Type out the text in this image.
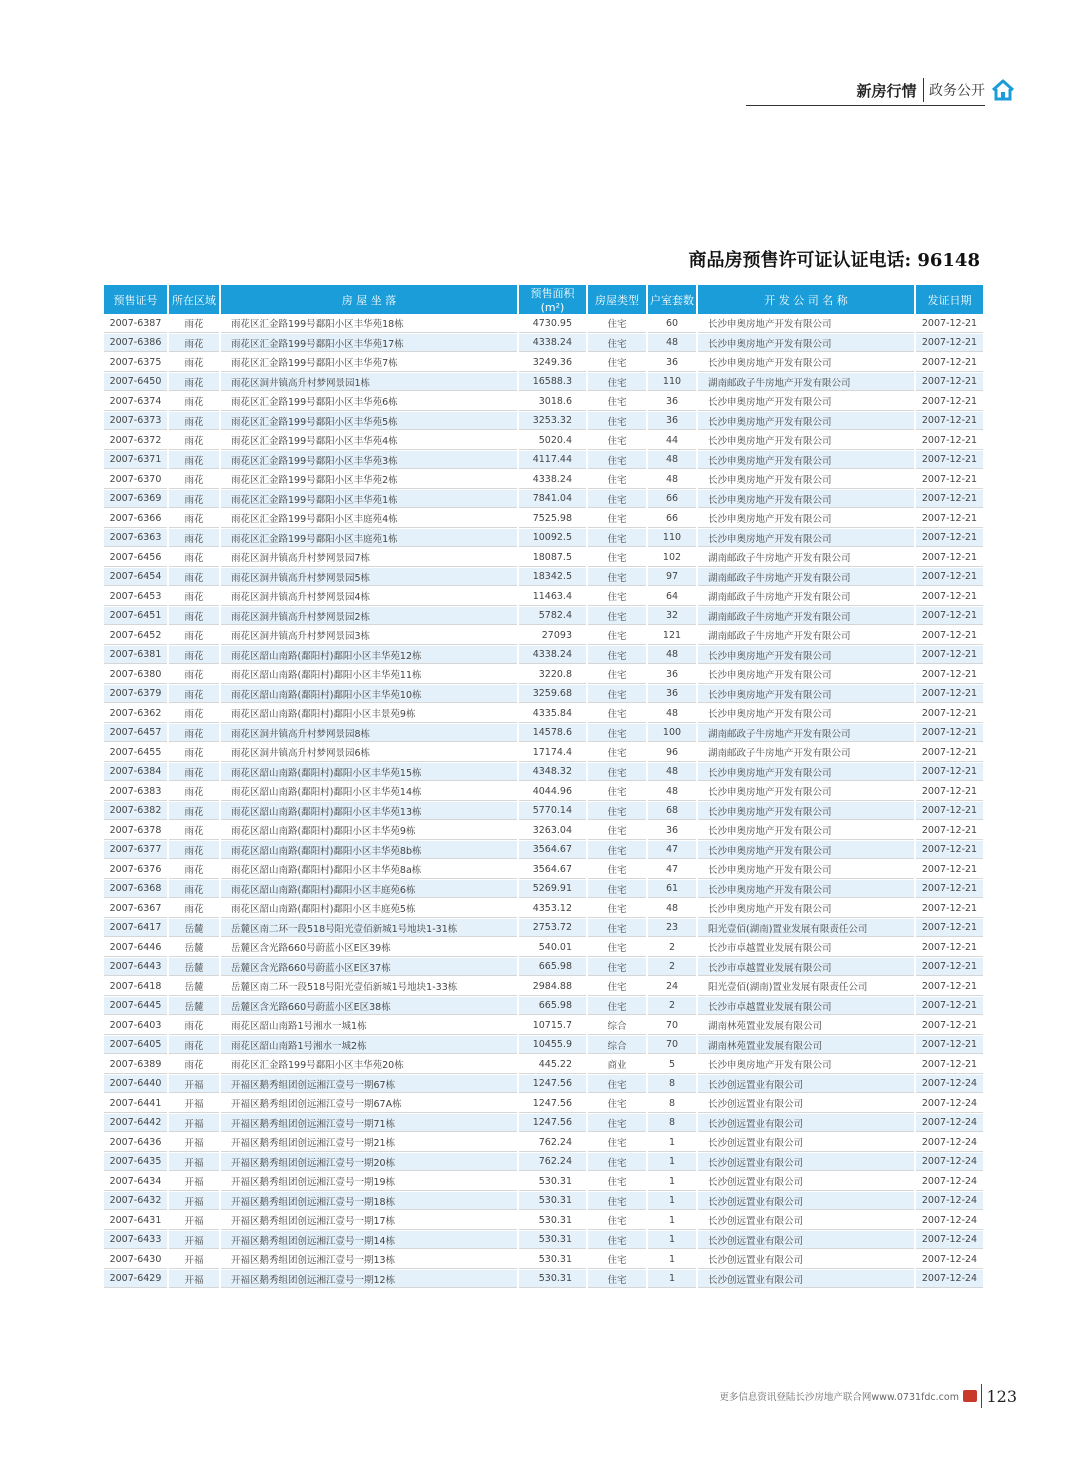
新房行情 政务公开
商品房预售许可证认证电话: 96148
预售证号	所在区域	房 屋 坐 落	预售面积(m²)	房屋类型	户室套数	开 发 公 司 名 称	发证日期
2007-6387	雨花	雨花区汇金路199号鄱阳小区丰华苑18栋	4730.95	住宅	60	长沙申奥房地产开发有限公司	2007-12-21
2007-6386	雨花	雨花区汇金路199号鄱阳小区丰华苑17栋	4338.24	住宅	48	长沙申奥房地产开发有限公司	2007-12-21
2007-6375	雨花	雨花区汇金路199号鄱阳小区丰华苑7栋	3249.36	住宅	36	长沙申奥房地产开发有限公司	2007-12-21
2007-6450	雨花	雨花区洞井镇高升村梦网景园1栋	16588.3	住宅	110	湖南邮政子牛房地产开发有限公司	2007-12-21
2007-6374	雨花	雨花区汇金路199号鄱阳小区丰华苑6栋	3018.6	住宅	36	长沙申奥房地产开发有限公司	2007-12-21
2007-6373	雨花	雨花区汇金路199号鄱阳小区丰华苑5栋	3253.32	住宅	36	长沙申奥房地产开发有限公司	2007-12-21
2007-6372	雨花	雨花区汇金路199号鄱阳小区丰华苑4栋	5020.4	住宅	44	长沙申奥房地产开发有限公司	2007-12-21
2007-6371	雨花	雨花区汇金路199号鄱阳小区丰华苑3栋	4117.44	住宅	48	长沙申奥房地产开发有限公司	2007-12-21
2007-6370	雨花	雨花区汇金路199号鄱阳小区丰华苑2栋	4338.24	住宅	48	长沙申奥房地产开发有限公司	2007-12-21
2007-6369	雨花	雨花区汇金路199号鄱阳小区丰华苑1栋	7841.04	住宅	66	长沙申奥房地产开发有限公司	2007-12-21
2007-6366	雨花	雨花区汇金路199号鄱阳小区丰庭苑4栋	7525.98	住宅	66	长沙申奥房地产开发有限公司	2007-12-21
2007-6363	雨花	雨花区汇金路199号鄱阳小区丰庭苑1栋	10092.5	住宅	110	长沙申奥房地产开发有限公司	2007-12-21
2007-6456	雨花	雨花区洞井镇高升村梦网景园7栋	18087.5	住宅	102	湖南邮政子牛房地产开发有限公司	2007-12-21
2007-6454	雨花	雨花区洞井镇高升村梦网景园5栋	18342.5	住宅	97	湖南邮政子牛房地产开发有限公司	2007-12-21
2007-6453	雨花	雨花区洞井镇高升村梦网景园4栋	11463.4	住宅	64	湖南邮政子牛房地产开发有限公司	2007-12-21
2007-6451	雨花	雨花区洞井镇高升村梦网景园2栋	5782.4	住宅	32	湖南邮政子牛房地产开发有限公司	2007-12-21
2007-6452	雨花	雨花区洞井镇高升村梦网景园3栋	27093	住宅	121	湖南邮政子牛房地产开发有限公司	2007-12-21
2007-6381	雨花	雨花区韶山南路(鄱阳村)鄱阳小区丰华苑12栋	4338.24	住宅	48	长沙申奥房地产开发有限公司	2007-12-21
2007-6380	雨花	雨花区韶山南路(鄱阳村)鄱阳小区丰华苑11栋	3220.8	住宅	36	长沙申奥房地产开发有限公司	2007-12-21
2007-6379	雨花	雨花区韶山南路(鄱阳村)鄱阳小区丰华苑10栋	3259.68	住宅	36	长沙申奥房地产开发有限公司	2007-12-21
2007-6362	雨花	雨花区韶山南路(鄱阳村)鄱阳小区丰景苑9栋	4335.84	住宅	48	长沙申奥房地产开发有限公司	2007-12-21
2007-6457	雨花	雨花区洞井镇高升村梦网景园8栋	14578.6	住宅	100	湖南邮政子牛房地产开发有限公司	2007-12-21
2007-6455	雨花	雨花区洞井镇高升村梦网景园6栋	17174.4	住宅	96	湖南邮政子牛房地产开发有限公司	2007-12-21
2007-6384	雨花	雨花区韶山南路(鄱阳村)鄱阳小区丰华苑15栋	4348.32	住宅	48	长沙申奥房地产开发有限公司	2007-12-21
2007-6383	雨花	雨花区韶山南路(鄱阳村)鄱阳小区丰华苑14栋	4044.96	住宅	48	长沙申奥房地产开发有限公司	2007-12-21
2007-6382	雨花	雨花区韶山南路(鄱阳村)鄱阳小区丰华苑13栋	5770.14	住宅	68	长沙申奥房地产开发有限公司	2007-12-21
2007-6378	雨花	雨花区韶山南路(鄱阳村)鄱阳小区丰华苑9栋	3263.04	住宅	36	长沙申奥房地产开发有限公司	2007-12-21
2007-6377	雨花	雨花区韶山南路(鄱阳村)鄱阳小区丰华苑8b栋	3564.67	住宅	47	长沙申奥房地产开发有限公司	2007-12-21
2007-6376	雨花	雨花区韶山南路(鄱阳村)鄱阳小区丰华苑8a栋	3564.67	住宅	47	长沙申奥房地产开发有限公司	2007-12-21
2007-6368	雨花	雨花区韶山南路(鄱阳村)鄱阳小区丰庭苑6栋	5269.91	住宅	61	长沙申奥房地产开发有限公司	2007-12-21
2007-6367	雨花	雨花区韶山南路(鄱阳村)鄱阳小区丰庭苑5栋	4353.12	住宅	48	长沙申奥房地产开发有限公司	2007-12-21
2007-6417	岳麓	岳麓区南二环一段518号阳光壹佰新城1号地块1-31栋	2753.72	住宅	23	阳光壹佰(湖南)置业发展有限责任公司	2007-12-21
2007-6446	岳麓	岳麓区含光路660号蔚蓝小区E区39栋	540.01	住宅	2	长沙市卓越置业发展有限公司	2007-12-21
2007-6443	岳麓	岳麓区含光路660号蔚蓝小区E区37栋	665.98	住宅	2	长沙市卓越置业发展有限公司	2007-12-21
2007-6418	岳麓	岳麓区南二环一段518号阳光壹佰新城1号地块1-33栋	2984.88	住宅	24	阳光壹佰(湖南)置业发展有限责任公司	2007-12-21
2007-6445	岳麓	岳麓区含光路660号蔚蓝小区E区38栋	665.98	住宅	2	长沙市卓越置业发展有限公司	2007-12-21
2007-6403	雨花	雨花区韶山南路1号湘水一城1栋	10715.7	综合	70	湖南林苑置业发展有限公司	2007-12-21
2007-6405	雨花	雨花区韶山南路1号湘水一城2栋	10455.9	综合	70	湖南林苑置业发展有限公司	2007-12-21
2007-6389	雨花	雨花区汇金路199号鄱阳小区丰华苑20栋	445.22	商业	5	长沙申奥房地产开发有限公司	2007-12-21
2007-6440	开福	开福区鹅秀组团创远湘江壹号一期67栋	1247.56	住宅	8	长沙创远置业有限公司	2007-12-24
2007-6441	开福	开福区鹅秀组团创远湘江壹号一期67A栋	1247.56	住宅	8	长沙创远置业有限公司	2007-12-24
2007-6442	开福	开福区鹅秀组团创远湘江壹号一期71栋	1247.56	住宅	8	长沙创远置业有限公司	2007-12-24
2007-6436	开福	开福区鹅秀组团创远湘江壹号一期21栋	762.24	住宅	1	长沙创远置业有限公司	2007-12-24
2007-6435	开福	开福区鹅秀组团创远湘江壹号一期20栋	762.24	住宅	1	长沙创远置业有限公司	2007-12-24
2007-6434	开福	开福区鹅秀组团创远湘江壹号一期19栋	530.31	住宅	1	长沙创远置业有限公司	2007-12-24
2007-6432	开福	开福区鹅秀组团创远湘江壹号一期18栋	530.31	住宅	1	长沙创远置业有限公司	2007-12-24
2007-6431	开福	开福区鹅秀组团创远湘江壹号一期17栋	530.31	住宅	1	长沙创远置业有限公司	2007-12-24
2007-6433	开福	开福区鹅秀组团创远湘江壹号一期14栋	530.31	住宅	1	长沙创远置业有限公司	2007-12-24
2007-6430	开福	开福区鹅秀组团创远湘江壹号一期13栋	530.31	住宅	1	长沙创远置业有限公司	2007-12-24
2007-6429	开福	开福区鹅秀组团创远湘江壹号一期12栋	530.31	住宅	1	长沙创远置业有限公司	2007-12-24
更多信息资讯登陆长沙房地产联合网www.0731fdc.com 123
